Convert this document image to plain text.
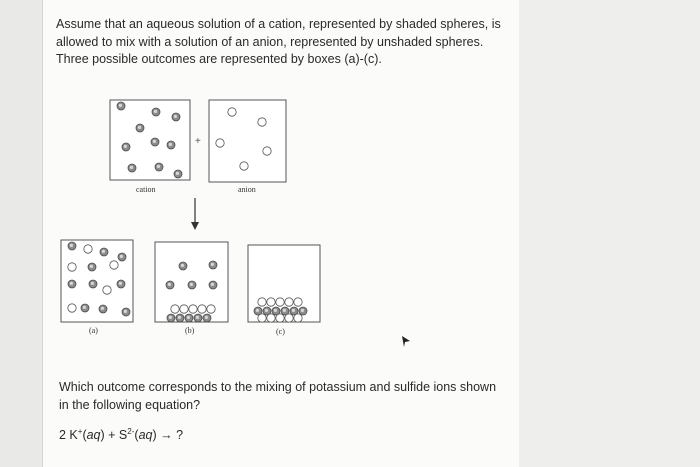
Assume that an aqueous solution of a cation, represented by shaded spheres, is allowed to mix with a solution of an anion, represented by unshaded spheres. Three possible outcomes are represented by boxes (a)-(c).
cation
+
anion
(a)	(b)	(c)
Which outcome corresponds to the mixing of potassium and sulfide ions shown in the following equation?
2 $K^+(aq) + S^{2-}(aq)$ → ?
